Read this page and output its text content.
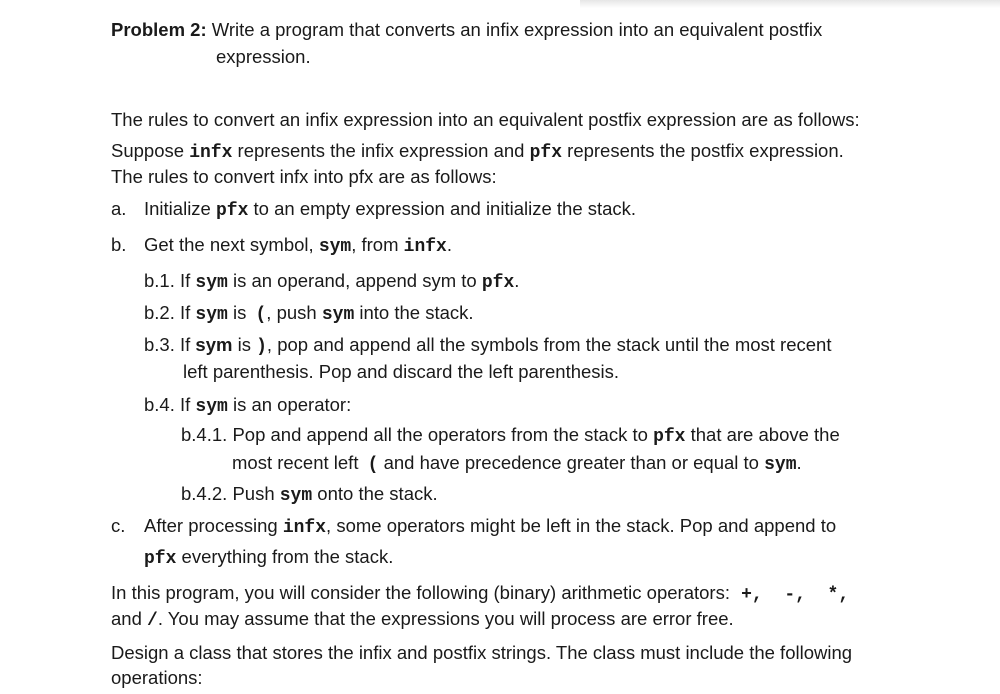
Problem 2: Write a program that converts an infix expression into an equivalent postfix
expression.
The rules to convert an infix expression into an equivalent postfix expression are as follows:
Suppose infx represents the infix expression and pfx represents the postfix expression.
The rules to convert infx into pfx are as follows:
a. Initialize pfx to an empty expression and initialize the stack.
b. Get the next symbol, sym, from infx.
b.1. If sym is an operand, append sym to pfx.
b.2. If sym is (, push sym into the stack.
b.3. If sym is ), pop and append all the symbols from the stack until the most recent
left parenthesis. Pop and discard the left parenthesis.
b.4. If sym is an operator:
b.4.1. Pop and append all the operators from the stack to pfx that are above the
most recent left ( and have precedence greater than or equal to sym.
b.4.2. Push sym onto the stack.
c. After processing infx, some operators might be left in the stack. Pop and append to
pfx everything from the stack.
In this program, you will consider the following (binary) arithmetic operators: +,  -,  *,
and /. You may assume that the expressions you will process are error free.
Design a class that stores the infix and postfix strings. The class must include the following
operations:
